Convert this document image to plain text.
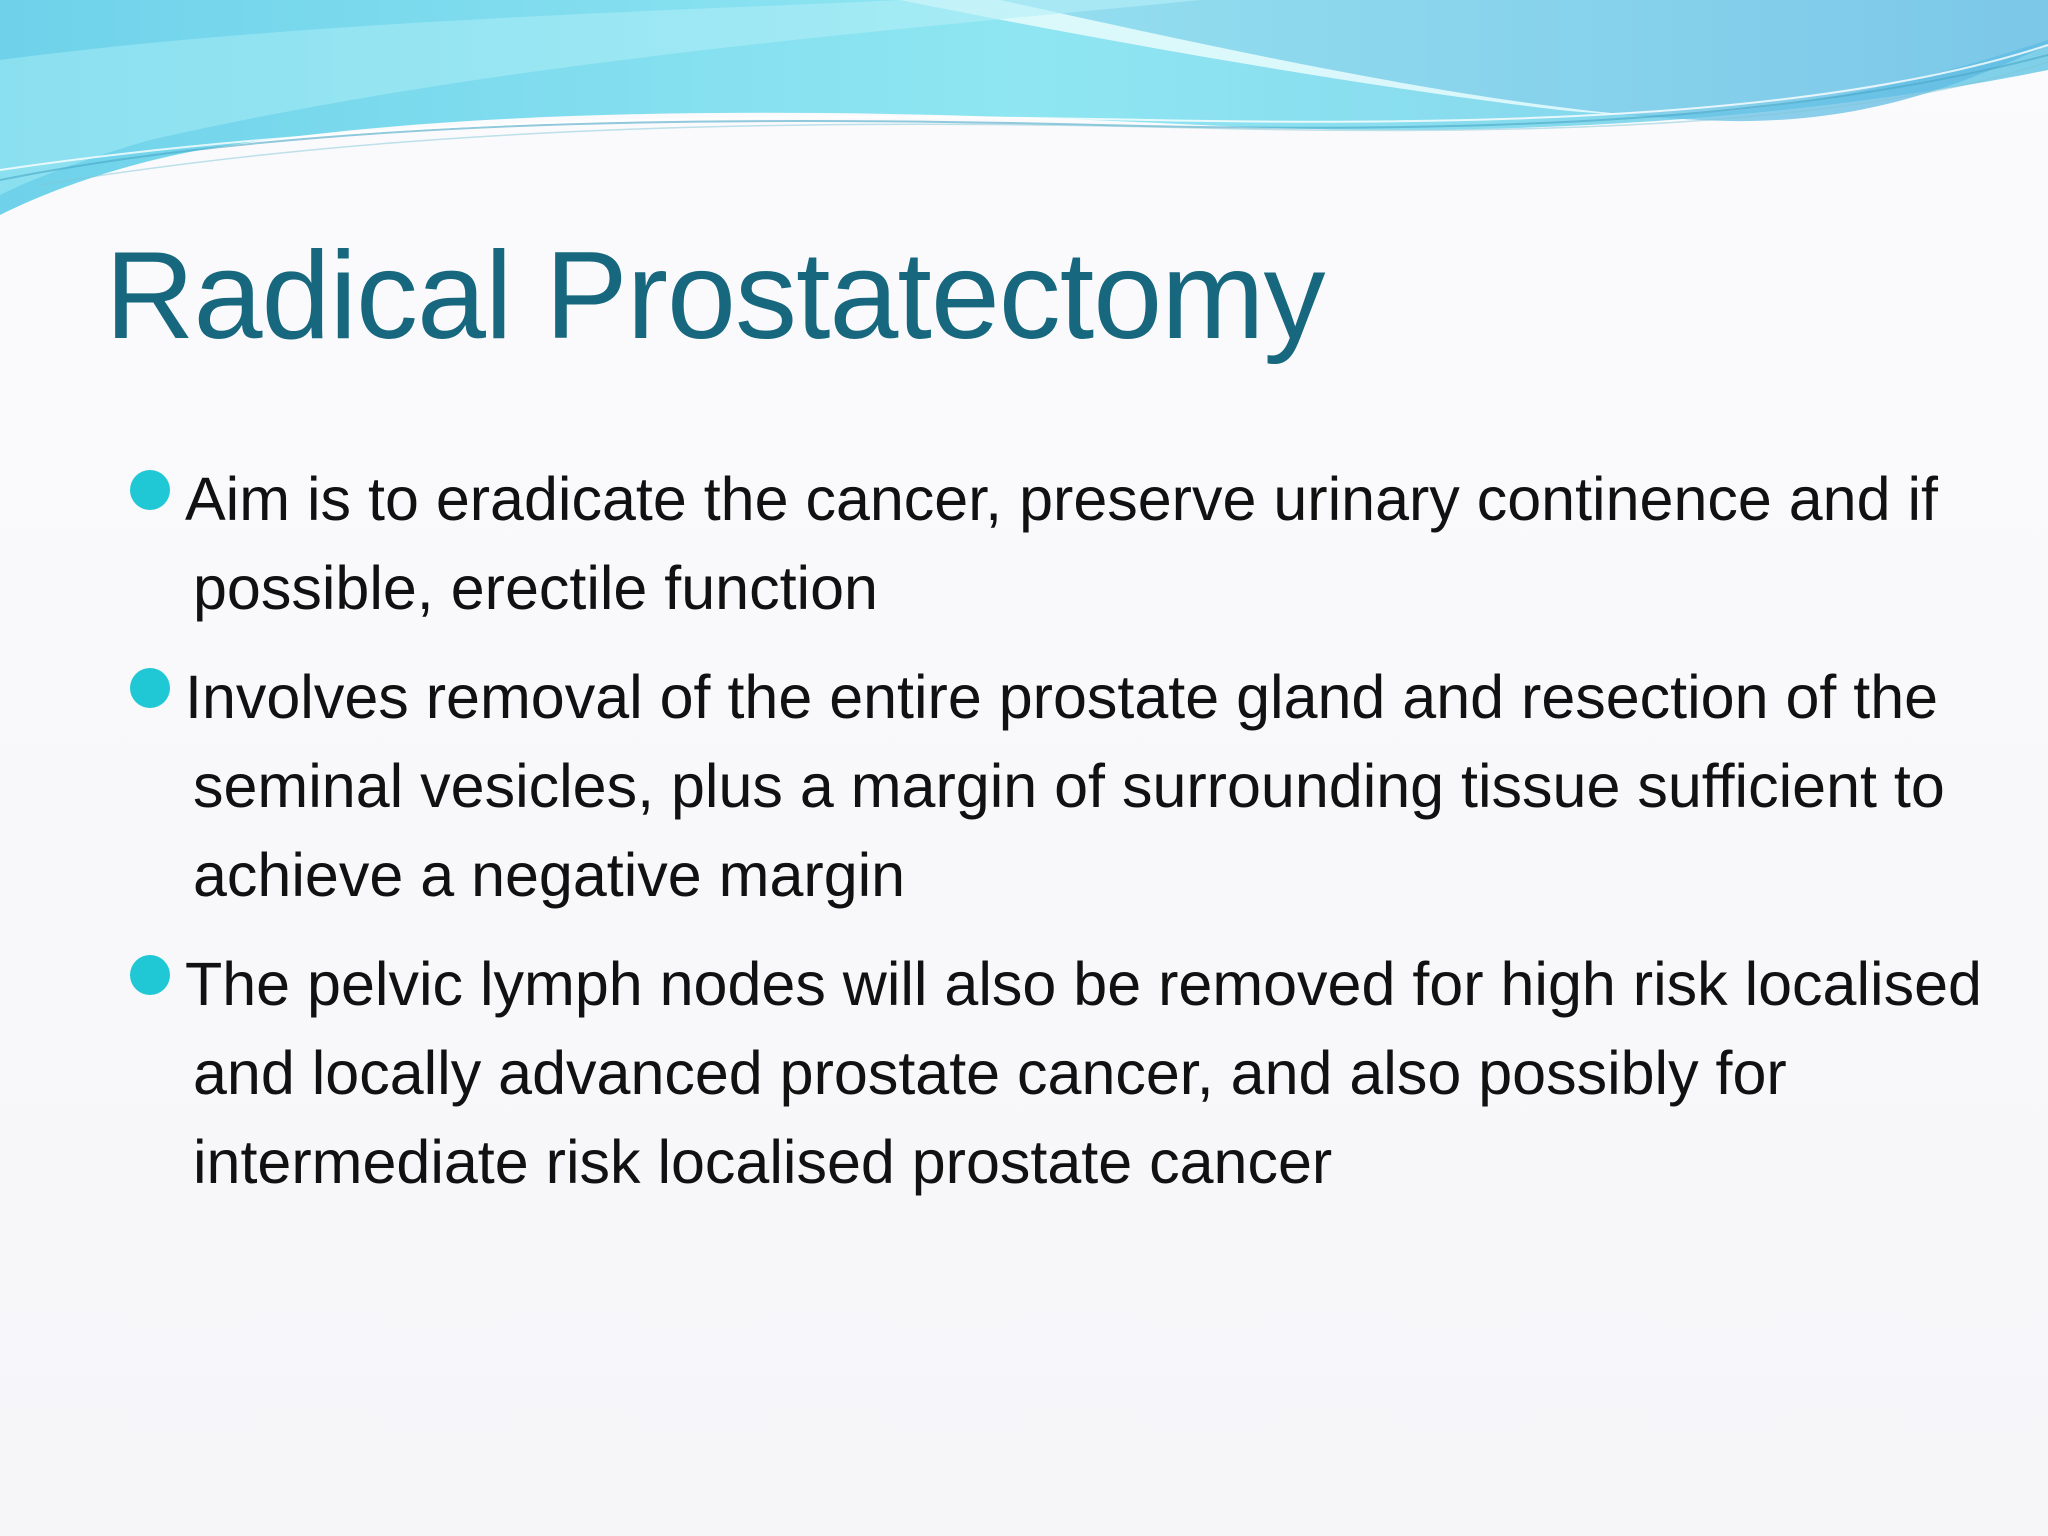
Radical Prostatectomy
Aim is to eradicate the cancer, preserve urinary continence and if possible, erectile function
Involves removal of the entire prostate gland and resection of the seminal vesicles, plus a margin of surrounding tissue sufficient to achieve a negative margin
The pelvic lymph nodes will also be removed for high risk localised and locally advanced prostate cancer, and also possibly for intermediate risk localised prostate cancer
